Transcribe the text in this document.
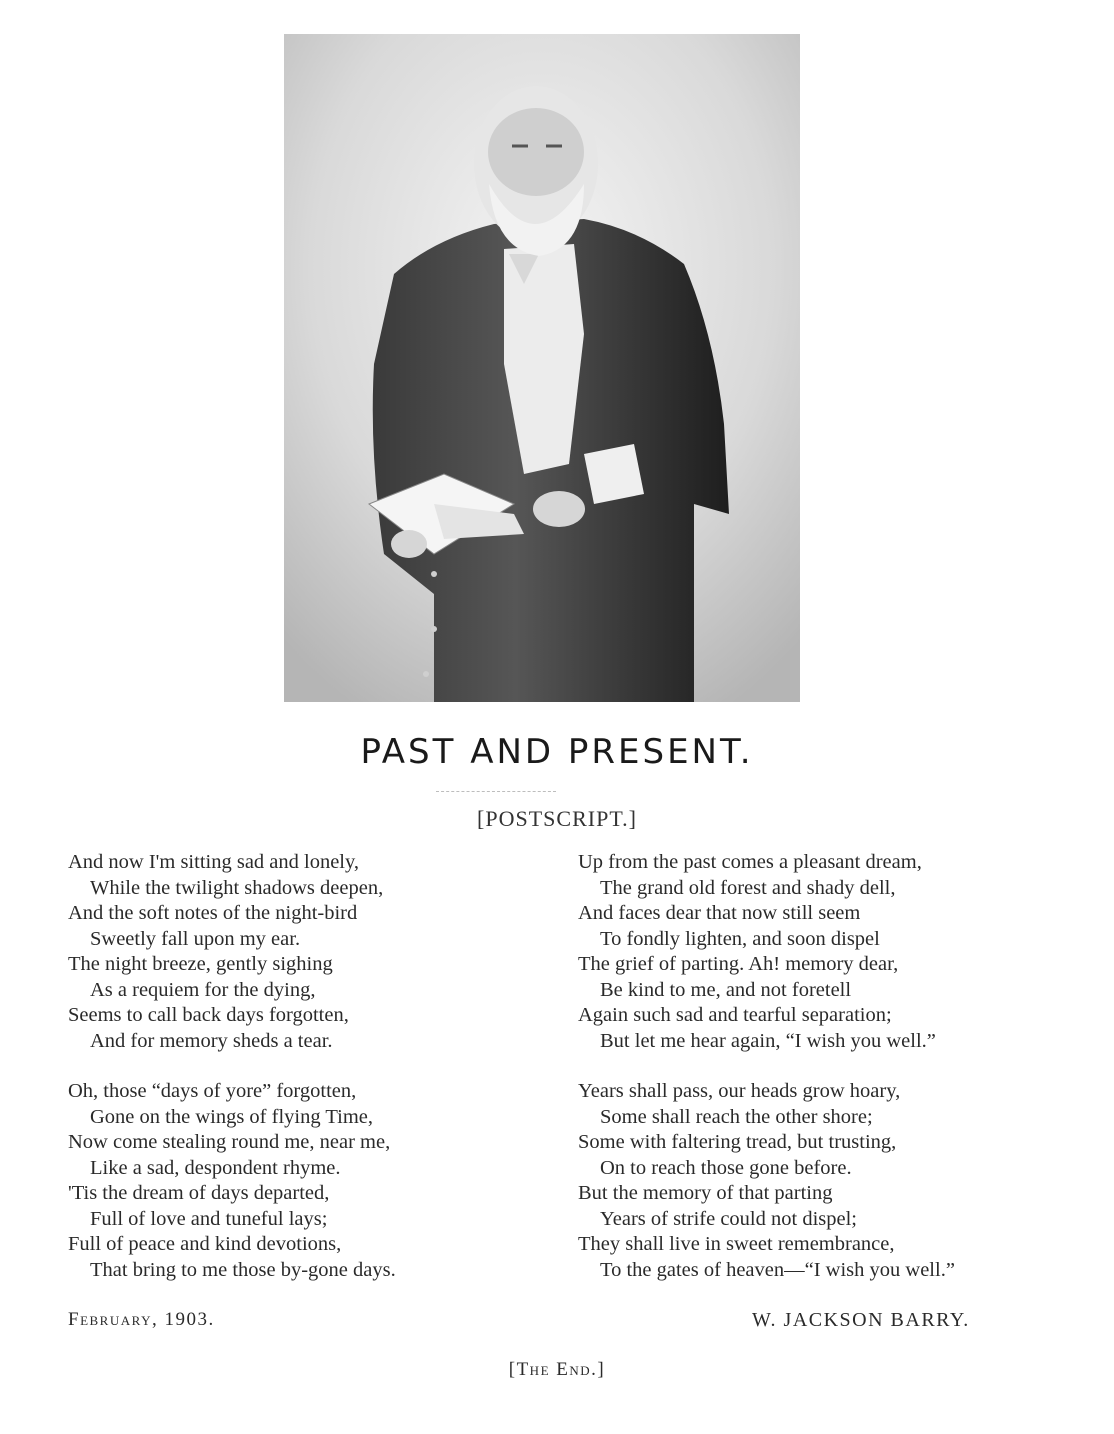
PAST AND PRESENT.
[POSTSCRIPT.]
And now I'm sitting sad and lonely,
While the twilight shadows deepen,
And the soft notes of the night-bird
Sweetly fall upon my ear.
The night breeze, gently sighing
As a requiem for the dying,
Seems to call back days forgotten,
And for memory sheds a tear.
Oh, those “days of yore” forgotten,
Gone on the wings of flying Time,
Now come stealing round me, near me,
Like a sad, despondent rhyme.
'Tis the dream of days departed,
Full of love and tuneful lays;
Full of peace and kind devotions,
That bring to me those by-gone days.
Up from the past comes a pleasant dream,
The grand old forest and shady dell,
And faces dear that now still seem
To fondly lighten, and soon dispel
The grief of parting. Ah! memory dear,
Be kind to me, and not foretell
Again such sad and tearful separation;
But let me hear again, “I wish you well.”
Years shall pass, our heads grow hoary,
Some shall reach the other shore;
Some with faltering tread, but trusting,
On to reach those gone before.
But the memory of that parting
Years of strife could not dispel;
They shall live in sweet remembrance,
To the gates of heaven—“I wish you well.”
February, 1903.	W. JACKSON BARRY.
[The End.]
